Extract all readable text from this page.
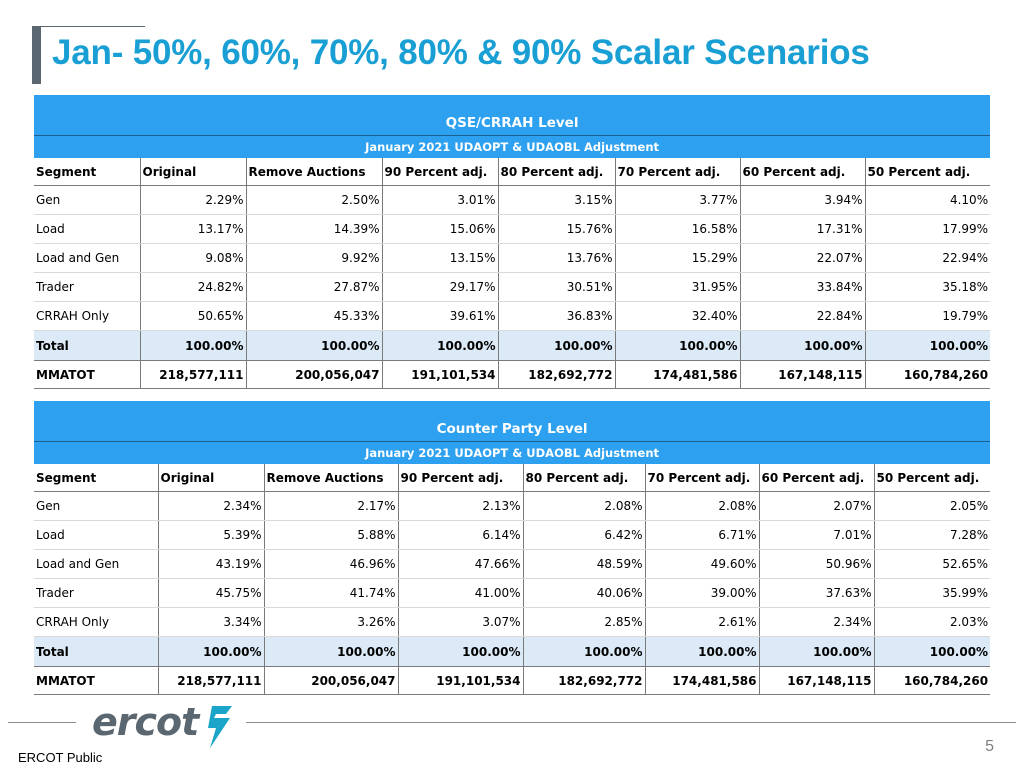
Jan- 50%, 60%, 70%, 80% & 90% Scalar Scenarios
QSE/CRRAH Level							
January 2021 UDAOPT & UDAOBL Adjustment							
Segment	Original	Remove Auctions	90 Percent adj.	80 Percent adj.	70 Percent adj.	60 Percent adj.	50 Percent adj.
Gen	2.29%	2.50%	3.01%	3.15%	3.77%	3.94%	4.10%
Load	13.17%	14.39%	15.06%	15.76%	16.58%	17.31%	17.99%
Load and Gen	9.08%	9.92%	13.15%	13.76%	15.29%	22.07%	22.94%
Trader	24.82%	27.87%	29.17%	30.51%	31.95%	33.84%	35.18%
CRRAH Only	50.65%	45.33%	39.61%	36.83%	32.40%	22.84%	19.79%
Total	100.00%	100.00%	100.00%	100.00%	100.00%	100.00%	100.00%
MMATOT	218,577,111	200,056,047	191,101,534	182,692,772	174,481,586	167,148,115	160,784,260
Counter Party Level							
January 2021 UDAOPT & UDAOBL Adjustment							
Segment	Original	Remove Auctions	90 Percent adj.	80 Percent adj.	70 Percent adj.	60 Percent adj.	50 Percent adj.
Gen	2.34%	2.17%	2.13%	2.08%	2.08%	2.07%	2.05%
Load	5.39%	5.88%	6.14%	6.42%	6.71%	7.01%	7.28%
Load and Gen	43.19%	46.96%	47.66%	48.59%	49.60%	50.96%	52.65%
Trader	45.75%	41.74%	41.00%	40.06%	39.00%	37.63%	35.99%
CRRAH Only	3.34%	3.26%	3.07%	2.85%	2.61%	2.34%	2.03%
Total	100.00%	100.00%	100.00%	100.00%	100.00%	100.00%	100.00%
MMATOT	218,577,111	200,056,047	191,101,534	182,692,772	174,481,586	167,148,115	160,784,260
ercot
5
ERCOT Public
